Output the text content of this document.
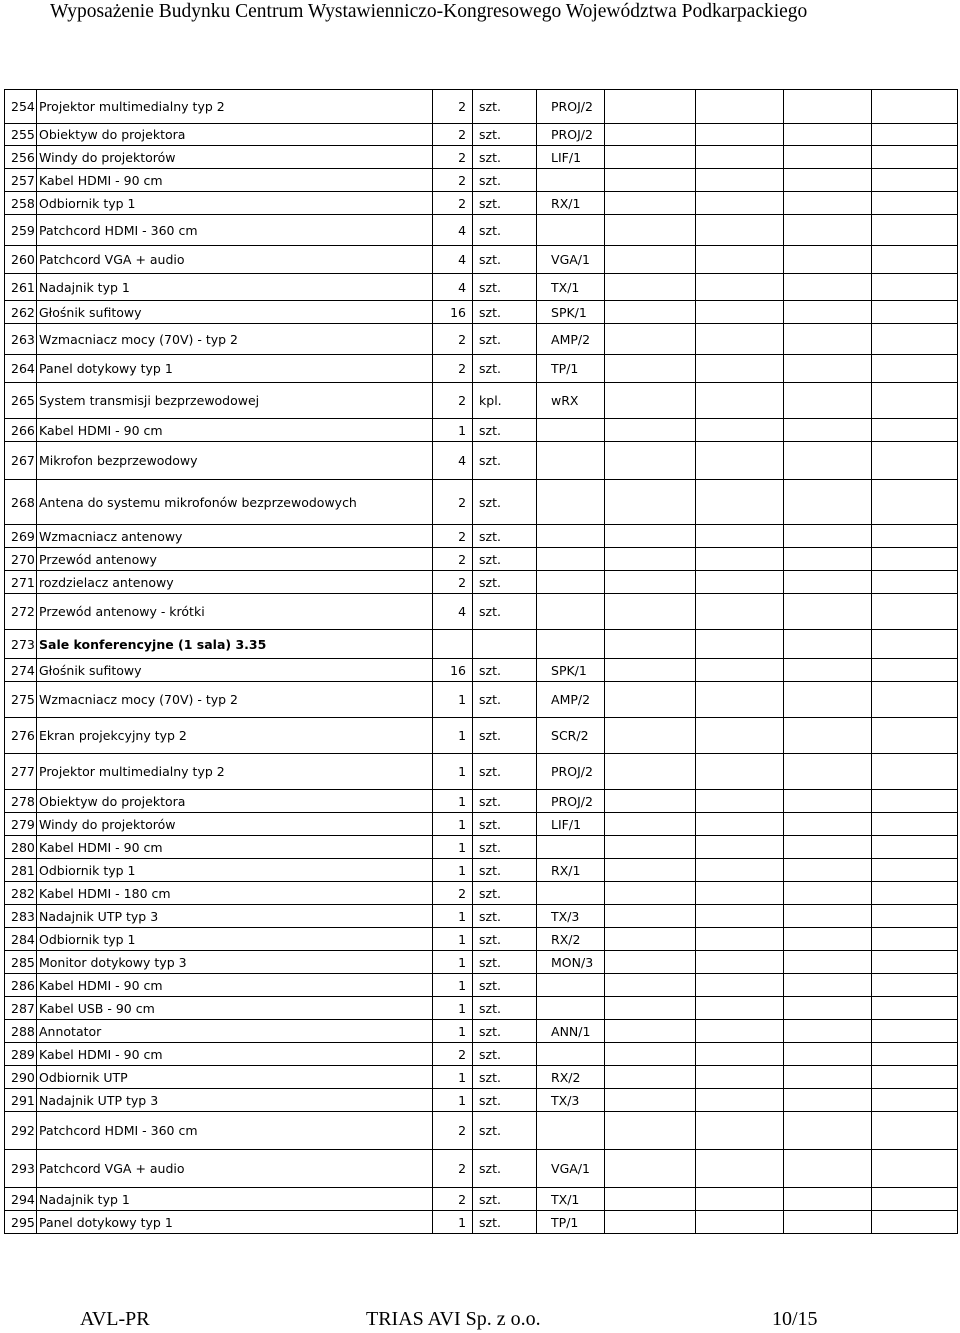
Wyposażenie Budynku Centrum Wystawienniczo-Kongresowego Województwa Podkarpackiego
254	Projektor multimedialny typ 2	2	szt.	PROJ/2				
255	Obiektyw do projektora	2	szt.	PROJ/2				
256	Windy do projektorów	2	szt.	LIF/1				
257	Kabel HDMI - 90 cm	2	szt.					
258	Odbiornik typ 1	2	szt.	RX/1				
259	Patchcord HDMI - 360 cm	4	szt.					
260	Patchcord VGA + audio	4	szt.	VGA/1				
261	Nadajnik typ 1	4	szt.	TX/1				
262	Głośnik sufitowy	16	szt.	SPK/1				
263	Wzmacniacz mocy (70V) - typ 2	2	szt.	AMP/2				
264	Panel dotykowy typ 1	2	szt.	TP/1				
265	System transmisji bezprzewodowej	2	kpl.	wRX				
266	Kabel HDMI - 90 cm	1	szt.					
267	Mikrofon bezprzewodowy	4	szt.					
268	Antena do systemu mikrofonów bezprzewodowych	2	szt.					
269	Wzmacniacz antenowy	2	szt.					
270	Przewód antenowy	2	szt.					
271	rozdzielacz antenowy	2	szt.					
272	Przewód antenowy - krótki	4	szt.					
273	Sale konferencyjne (1 sala) 3.35							
274	Głośnik sufitowy	16	szt.	SPK/1				
275	Wzmacniacz mocy (70V) - typ 2	1	szt.	AMP/2				
276	Ekran projekcyjny typ 2	1	szt.	SCR/2				
277	Projektor multimedialny typ 2	1	szt.	PROJ/2				
278	Obiektyw do projektora	1	szt.	PROJ/2				
279	Windy do projektorów	1	szt.	LIF/1				
280	Kabel HDMI - 90 cm	1	szt.					
281	Odbiornik typ 1	1	szt.	RX/1				
282	Kabel HDMI - 180 cm	2	szt.					
283	Nadajnik UTP typ 3	1	szt.	TX/3				
284	Odbiornik typ 1	1	szt.	RX/2				
285	Monitor dotykowy typ 3	1	szt.	MON/3				
286	Kabel HDMI - 90 cm	1	szt.					
287	Kabel USB - 90 cm	1	szt.					
288	Annotator	1	szt.	ANN/1				
289	Kabel HDMI - 90 cm	2	szt.					
290	Odbiornik UTP	1	szt.	RX/2				
291	Nadajnik UTP typ 3	1	szt.	TX/3				
292	Patchcord HDMI - 360 cm	2	szt.					
293	Patchcord VGA + audio	2	szt.	VGA/1				
294	Nadajnik typ 1	2	szt.	TX/1				
295	Panel dotykowy typ 1	1	szt.	TP/1				
AVL-PR	TRIAS AVI Sp. z o.o.	10/15
